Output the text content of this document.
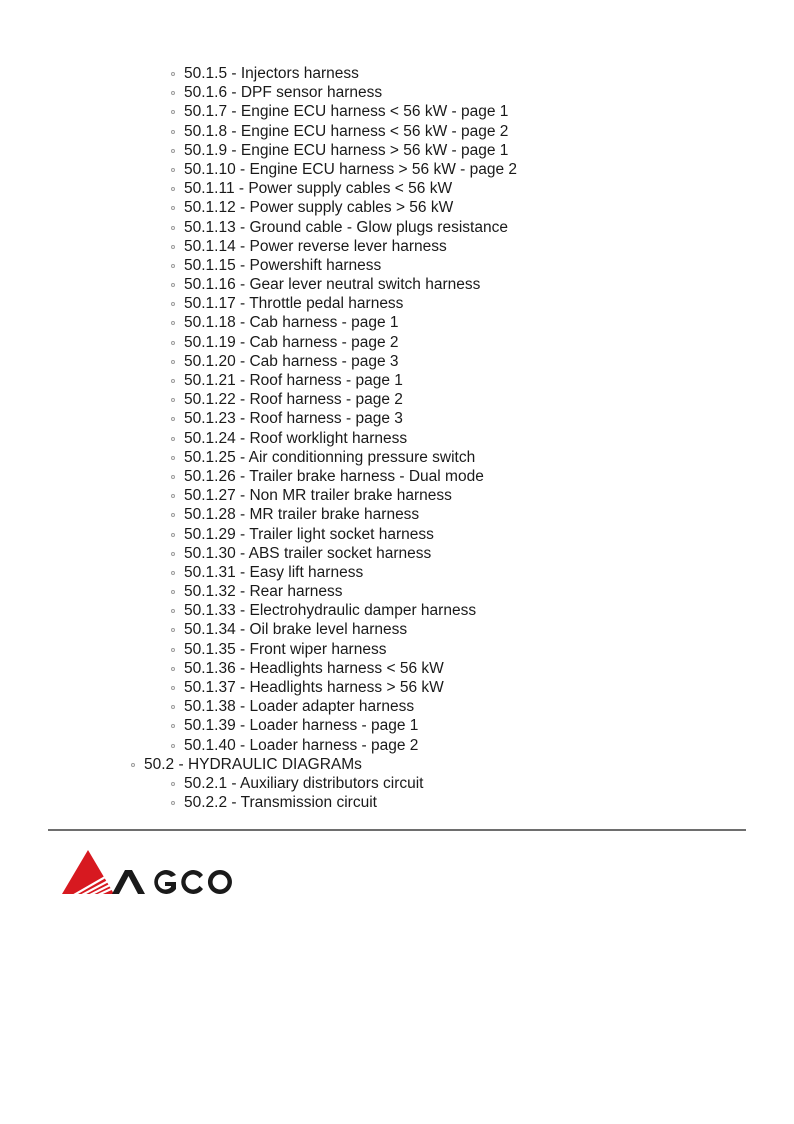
50.1.5 - Injectors harness
50.1.6 - DPF sensor harness
50.1.7 - Engine ECU harness < 56 kW - page 1
50.1.8 - Engine ECU harness < 56 kW - page 2
50.1.9 - Engine ECU harness > 56 kW - page 1
50.1.10 - Engine ECU harness > 56 kW - page 2
50.1.11 - Power supply cables < 56 kW
50.1.12 - Power supply cables > 56 kW
50.1.13 - Ground cable - Glow plugs resistance
50.1.14 - Power reverse lever harness
50.1.15 - Powershift harness
50.1.16 - Gear lever neutral switch harness
50.1.17 - Throttle pedal harness
50.1.18 - Cab harness - page 1
50.1.19 - Cab harness - page 2
50.1.20 - Cab harness - page 3
50.1.21 - Roof harness - page 1
50.1.22 - Roof harness - page 2
50.1.23 - Roof harness - page 3
50.1.24 - Roof worklight harness
50.1.25 - Air conditionning pressure switch
50.1.26 - Trailer brake harness - Dual mode
50.1.27 - Non MR trailer brake harness
50.1.28 - MR trailer brake harness
50.1.29 - Trailer light socket harness
50.1.30 - ABS trailer socket harness
50.1.31 - Easy lift harness
50.1.32 - Rear harness
50.1.33 - Electrohydraulic damper harness
50.1.34 - Oil brake level harness
50.1.35 - Front wiper harness
50.1.36 - Headlights harness < 56 kW
50.1.37 - Headlights harness > 56 kW
50.1.38 - Loader adapter harness
50.1.39 - Loader harness - page 1
50.1.40 - Loader harness - page 2
50.2 - HYDRAULIC DIAGRAMs
50.2.1 - Auxiliary distributors circuit
50.2.2 - Transmission circuit
